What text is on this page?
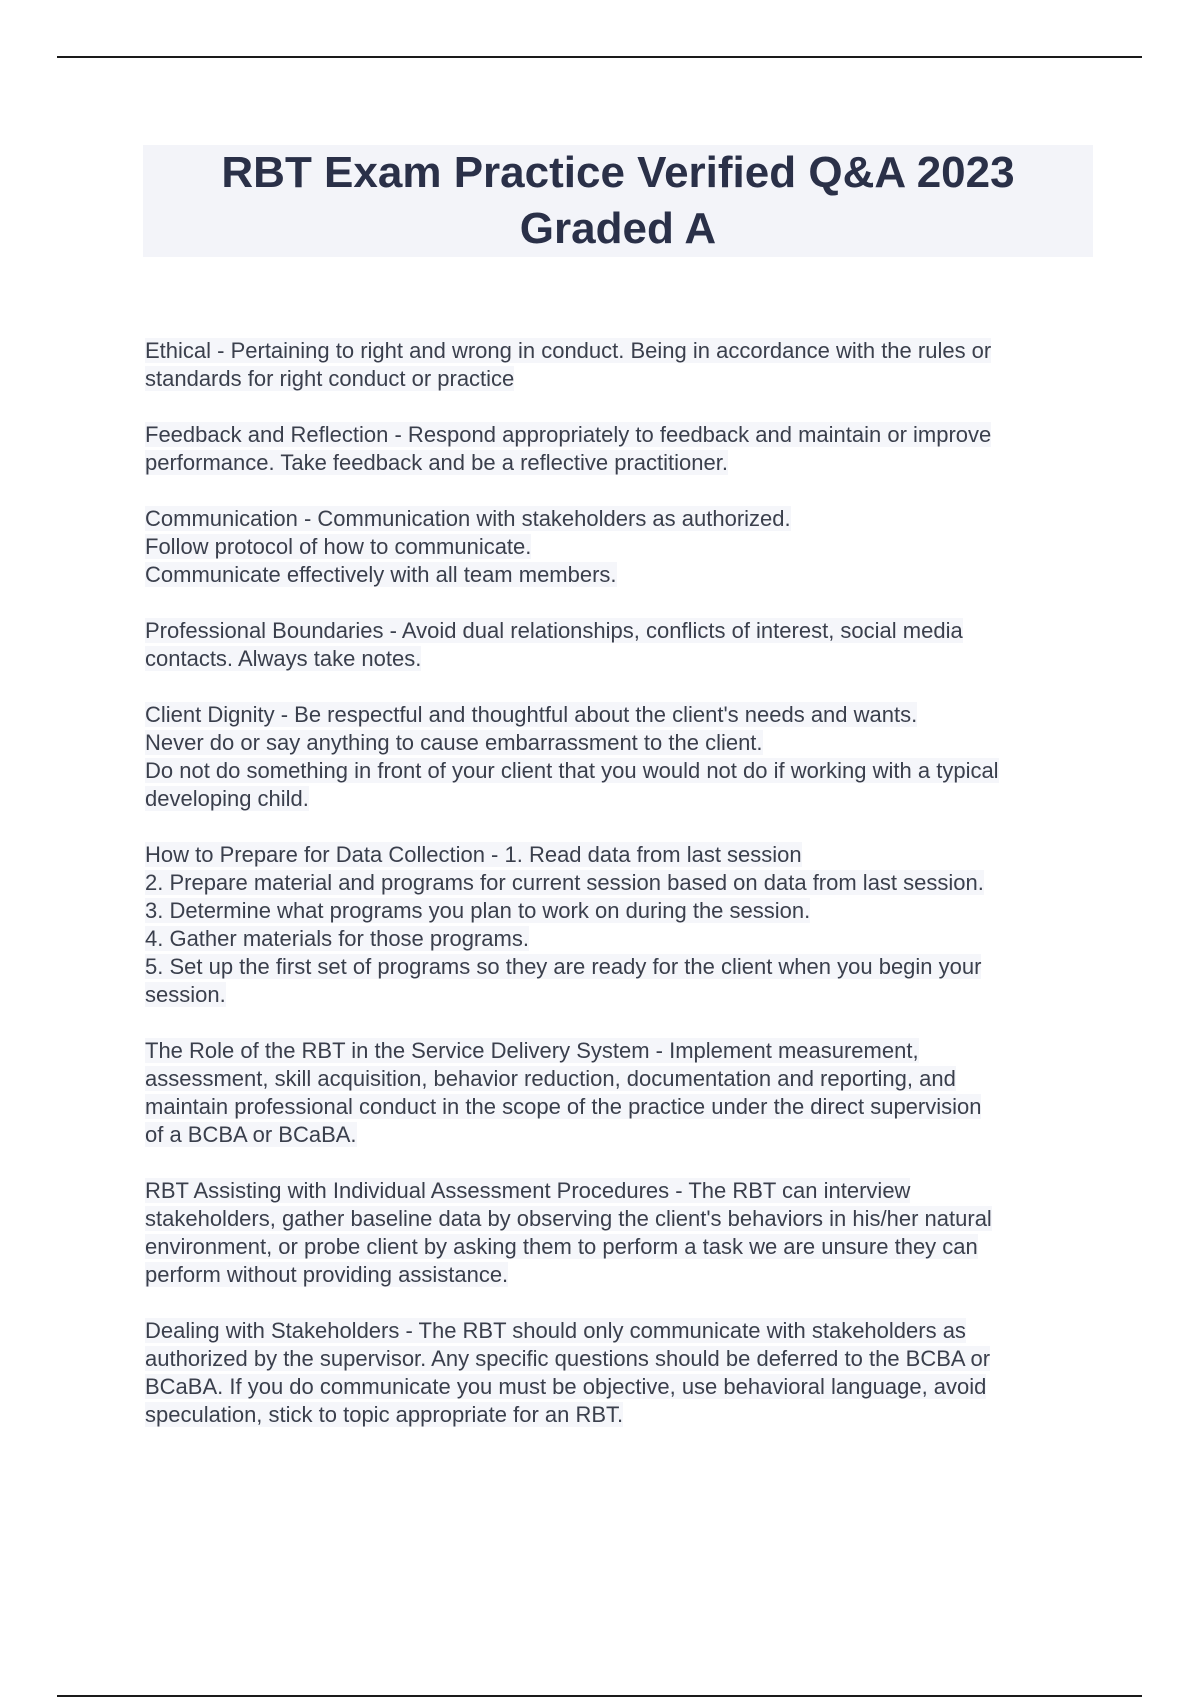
RBT Exam Practice Verified Q&A 2023
Graded A

Ethical - Pertaining to right and wrong in conduct. Being in accordance with the rules or
standards for right conduct or practice

Feedback and Reflection - Respond appropriately to feedback and maintain or improve
performance. Take feedback and be a reflective practitioner.

Communication - Communication with stakeholders as authorized.
Follow protocol of how to communicate.
Communicate effectively with all team members.

Professional Boundaries - Avoid dual relationships, conflicts of interest, social media
contacts. Always take notes.

Client Dignity - Be respectful and thoughtful about the client's needs and wants.
Never do or say anything to cause embarrassment to the client.
Do not do something in front of your client that you would not do if working with a typical
developing child.

How to Prepare for Data Collection - 1. Read data from last session
2. Prepare material and programs for current session based on data from last session.
3. Determine what programs you plan to work on during the session.
4. Gather materials for those programs.
5. Set up the first set of programs so they are ready for the client when you begin your
session.

The Role of the RBT in the Service Delivery System - Implement measurement,
assessment, skill acquisition, behavior reduction, documentation and reporting, and
maintain professional conduct in the scope of the practice under the direct supervision
of a BCBA or BCaBA.

RBT Assisting with Individual Assessment Procedures - The RBT can interview
stakeholders, gather baseline data by observing the client's behaviors in his/her natural
environment, or probe client by asking them to perform a task we are unsure they can
perform without providing assistance.

Dealing with Stakeholders - The RBT should only communicate with stakeholders as
authorized by the supervisor. Any specific questions should be deferred to the BCBA or
BCaBA. If you do communicate you must be objective, use behavioral language, avoid
speculation, stick to topic appropriate for an RBT.
